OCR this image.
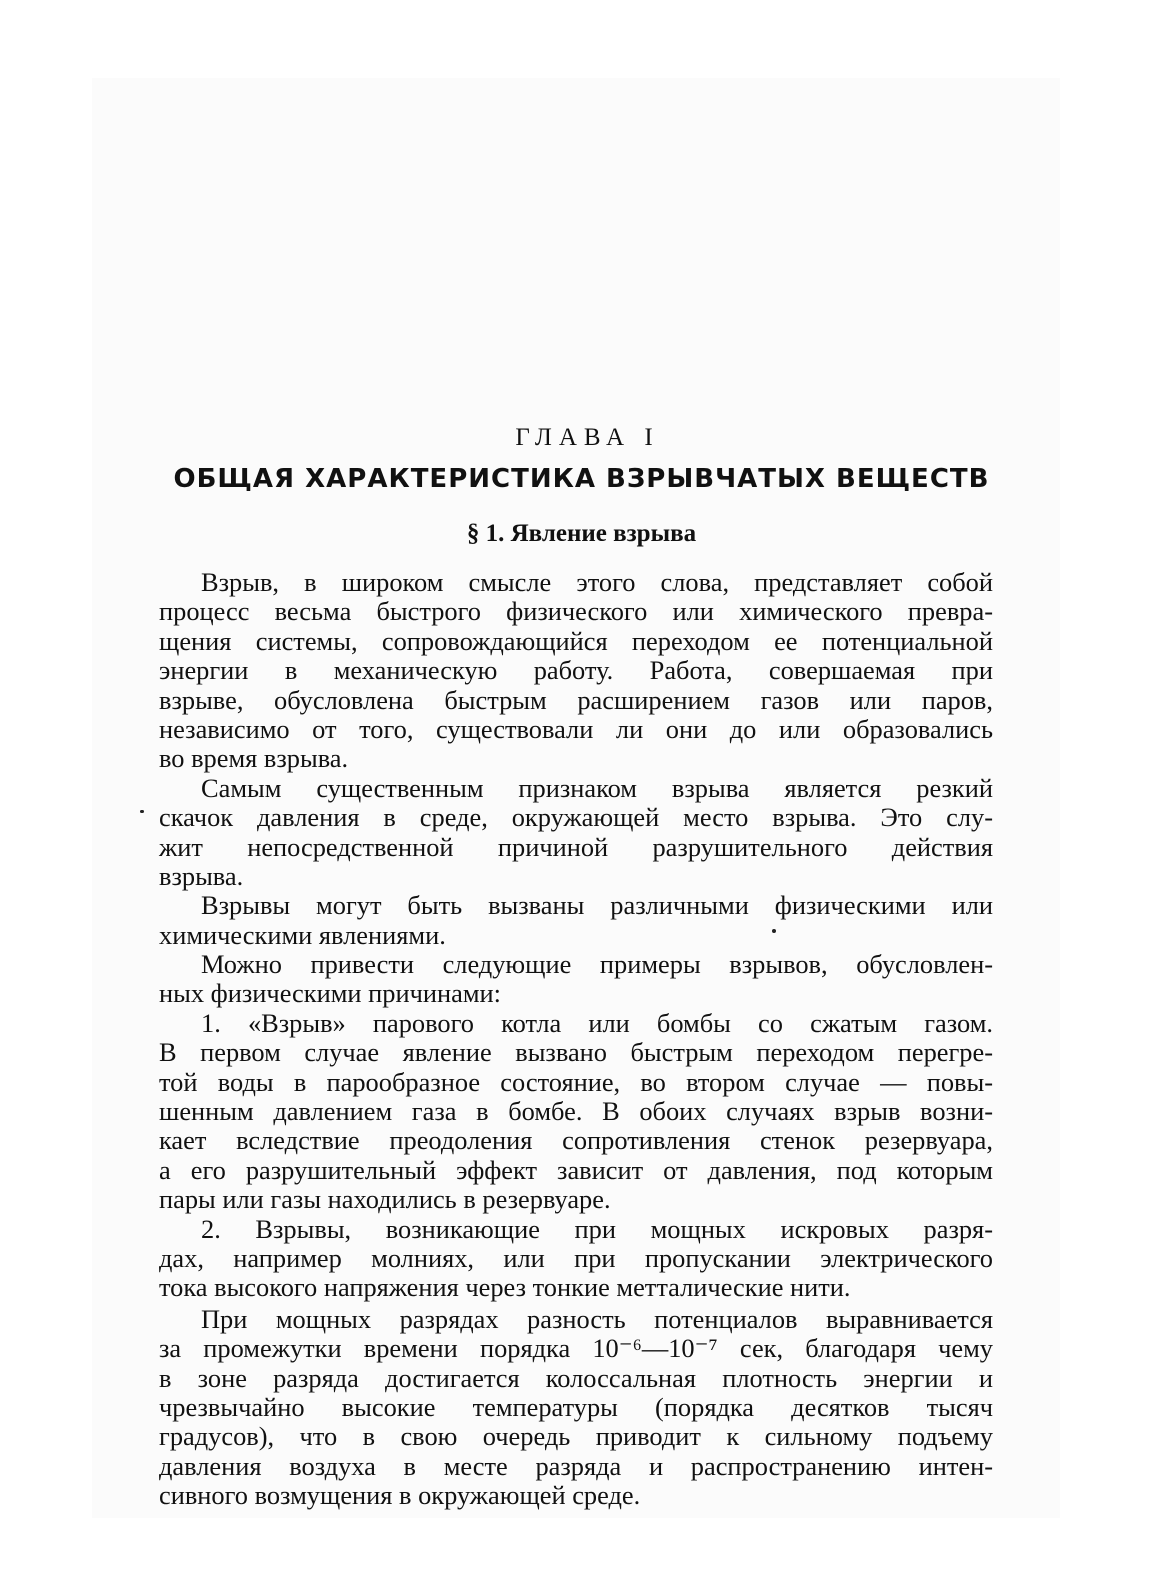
ГЛАВА I
ОБЩАЯ ХАРАКТЕРИСТИКА ВЗРЫВЧАТЫХ ВЕЩЕСТВ
§ 1. Явление взрыва
Взрыв, в широком смысле этого слова, представляет собой
процесс весьма быстрого физического или химического превра-
щения системы, сопровождающийся переходом ее потенциальной
энергии в механическую работу. Работа, совершаемая при
взрыве, обусловлена быстрым расширением газов или паров,
независимо от того, существовали ли они до или образовались
во время взрыва.
Самым существенным признаком взрыва является резкий
скачок давления в среде, окружающей место взрыва. Это слу-
жит непосредственной причиной разрушительного действия
взрыва.
Взрывы могут быть вызваны различными физическими или
химическими явлениями.
Можно привести следующие примеры взрывов, обусловлен-
ных физическими причинами:
1. «Взрыв» парового котла или бомбы со сжатым газом.
В первом случае явление вызвано быстрым переходом перегре-
той воды в парообразное состояние, во втором случае — повы-
шенным давлением газа в бомбе. В обоих случаях взрыв возни-
кает вследствие преодоления сопротивления стенок резервуара,
а его разрушительный эффект зависит от давления, под которым
пары или газы находились в резервуаре.
2. Взрывы, возникающие при мощных искровых разря-
дах, например молниях, или при пропускании электрического
тока высокого напряжения через тонкие метталические нити.
При мощных разрядах разность потенциалов выравнивается
за промежутки времени порядка 10⁻⁶—10⁻⁷ сек, благодаря чему
в зоне разряда достигается колоссальная плотность энергии и
чрезвычайно высокие температуры (порядка десятков тысяч
градусов), что в свою очередь приводит к сильному подъему
давления воздуха в месте разряда и распространению интен-
сивного возмущения в окружающей среде.
